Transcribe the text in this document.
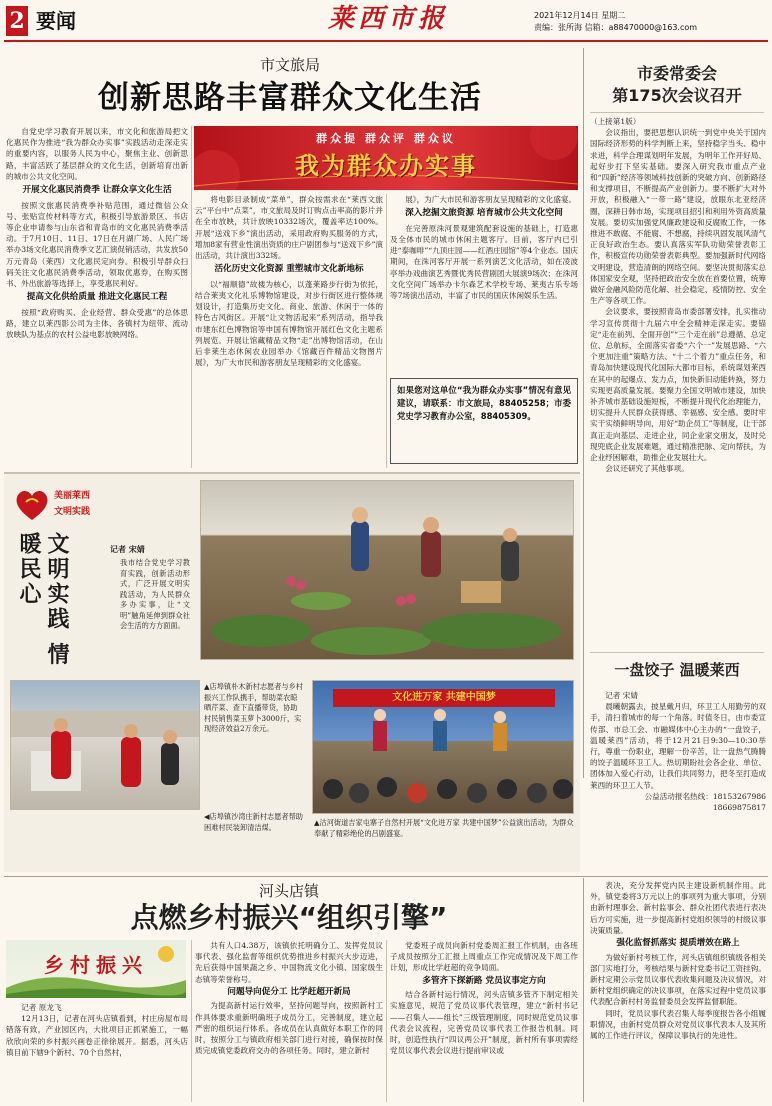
2 要闻	莱西市报	2021年12月14日 星期二
责编：张所海 信箱：a88470000@163.com
市文旅局
创新思路丰富群众文化生活
群众提 群众评 群众议
我为群众办实事

自党史学习教育开展以来，市文化和旅游局把文化惠民作为推进“我为群众办实事”实践活动走深走实的重要内容，以服务人民为中心，聚焦主业、创新思路，丰富活跃了基层群众的文化生活，创新培育出新的城市公共文化空间。

开展文化惠民消费季 让群众享文化生活

按照文旅惠民消费季补贴范围，通过微信公众号、张贴宣传材料等方式，积极引导旅游景区、书店等企业申请参与山东省和青岛市的文化惠民消费季活动。于7月10日、11日、17日在月湖广场、人民广场举办3场文化惠民消费季文艺汇演促销活动，共发放50万元青岛（莱西）文化惠民定向券。积极引导群众扫码关注文化惠民消费季活动，领取优惠券，在购买图书、外出旅游等选择上，享受惠民利好。

提高文化供给质量 推进文化惠民工程

按照“政府购买、企业经营、群众受惠”的总体思路，建立以莱西影公司为主体、各镇村为纽带、流动放映队为基点的农村公益电影放映网络。

将电影目录制成“菜单”，群众按需求在“莱西文旅云”平台中“点菜”，市文旅局及时订购点击率高的影片并在全市放映，共计放映10332场次，覆盖率达100%。开展“送戏下乡”演出活动，采用政府购买服务的方式，增加8家有营业性演出资质的庄户剧团参与“送戏下乡”演出活动，共计演出332场。

活化历史文化资源 重塑城市文化新地标

以“福顺德”故楼为核心，以蓬莱路步行街为依托，结合莱夷文化礼乐博物馆建设，对步行街区进行整体规划设计，打造集历史文化、商业、旅游、休闲于一体的特色古风街区。开展“让文物活起来”系列活动，指导我市建东红色博物馆等申国有博物馆开展红色文化主题系列展览。开展让馆藏精品文物“走”出博物馆活动，在山后非莱生态休闲农业园举办《馆藏百件精品文物图片展》，为广大市民和游客朋友呈现精彩的文化盛宴。

展》，为广大市民和游客朋友呈现精彩的文化盛宴。

深入挖掘文旅资源 培育城市公共文化空间

在完善原洙河景观建筑配套设施的基础上，打造惠及全体市民的城市休闲主题客厅。目前，客厅内已引进“泰咖啡”“九顶庄园——红酒庄园馆”等4个业态。国庆期间，在洙河客厅开展一系列演艺文化活动，如在凌波亭举办戏曲演艺秀暨优秀民营剧团大展演9场次；在洙河文化空间广场举办卡尔森艺术学校专场、莱夷古乐专场等7场演出活动，丰富了市民的国庆休闲娱乐生活。

如果您对这单位“我为群众办实事”情况有意见建议，请联系：市文旅局，88405258；市委党史学习教育办公室，88405309。
市委常委会
第175次会议召开
（上接第1版）

会议指出，要把思想认识统一到党中央关于国内国际经济形势的科学判断上来，坚持稳字当头、稳中求进，科学合理谋划明年发展，为明年工作开好局、起好步打下坚实基础。要深入研究我市重点产业和“四新”经济等领域科技创新的突破方向、创新路径和支撑项目，不断提高产业创新力。要不断扩大对外开放，积极融入“一带一路”建设，放眼东北亚经济圈，深耕日韩市场，实现项目招引和利用外资高质量发展。要切实加强党风廉政建设和反腐败工作，一体推进不敢腐、不能腐、不想腐，持续巩固发展风清气正良好政治生态。要认真落实军队功勋荣誉表彰工作，积极宣传功勋荣誉表彰典型。要加强新时代网络文明建设，营造清朗的网络空间。要坚决贯彻落实总体国家安全观，坚持把政治安全放在首要位置，统筹做好金融风险防范化解、社会稳定、疫情防控、安全生产等各项工作。

会议要求，要按照青岛市委部署安排，扎实推动学习宣传贯彻十九届六中全会精神走深走实。要锚定“走在前列、全面开创”“三个走在前”总遵循、总定位、总航标，全面落实省委“六个一”发展思路、“六个更加注重”策略方法、“十二个着力”重点任务，和青岛加快建设现代化国际大都市目标，系统谋划莱西在其中的起爆点、发力点，加快新旧动能转换，努力实现更高质量发展。要聚力全国文明城市建设，加快补齐城市基础设施短板，不断提升现代化治理能力，切实提升人民群众获得感、幸福感、安全感。要时牢实干实绩鲜明导向，用好“助企员工”等制度，让干部真正走向基层、走进企业，同企业家交朋友，及时兑现兜底企业发展难题，通过精准把脉、定向帮扶，为企业纾困解难，助推企业发展壮大。

会议还研究了其他事项。

一盘饺子 温暖莱西
记者 宋婧

晨曦朝露去，披星戴月归，环卫工人用勤劳的双手，清扫着城市的每一个角落。时值冬日，由市委宣传部、市总工会、市融媒体中心主办的“一盘饺子，温暖莱西”活动，将于12月21日9:30—10:30举行，尊重一份职业，理解一份辛苦，让一盘热气腾腾的饺子温暖环卫工人。热切期盼社会各企业、单位、团体加入爱心行动，让我们共同努力，把冬至打造成莱西的环卫工人节。

公益活动报名热线：18153267986
18669875817
美丽莱西
文明实践
文明实践 情暖民心	记者 宋婧
我市结合党史学习教育实践，创新活动形式，广泛开展文明实践活动，为人民群众多办实事，让“文明”触角延伸到群众社会生活的方方面面。
▲店埠镇朴木新村志愿者与乡村振兴工作队携手，帮助菜农晾晒芹菜、查下直播带货，协助村民销售菜玉萝卜3000斤，实现经济效益2万余元。
文化进万家 共建中国梦
◀店埠镇沙湾庄新村志愿者帮助困难村民装卸清洁煤。	▲沽河街道吉家屯寨子自然村开展“文化进万家 共建中国梦”公益演出活动，为群众奉献了精彩绝伦的吕剧盛宴。
河头店镇
点燃乡村振兴“组织引擎”
乡村振兴
记者 原龙飞

12月13日，记者在河头店镇看到，村庄房屋布局错落有致，产业园区内，大批项目正抓紧施工，一幅欣欣向荣的乡村振兴画卷正徐徐展开。据悉，河头店镇目前下辖9个新村、70个自然村，

共有人口4.38万，该镇依托明确分工、发挥党员议事代表、强化监督等组织优势推进乡村振兴大步迈进，先后获得中国果蔬之乡、中国物流文化小镇、国家级生态镇等荣誉称号。

问题导向促分工 比学赶超开新局

为提高新村运行效率，坚持问题导向，按照新村工作具体要求重新明确班子成员分工，完善制度，建立起严密的组织运行体系。各成员在认真做好本职工作的同时，按照分工与镇政府相关部门进行对接，确保按时保质完成镇党委政府交办的各项任务。同时，建立新村

党委班子成员向新村党委周汇报工作机制，由各班子成员按照分工汇报上周重点工作完成情况及下周工作计划，形成比学赶超的竞争局面。

多管齐下探新路 党员议事定方向

结合各新村运行情况，河头店镇多管齐下制定相关实施意见，规范了党员议事代表管理，建立“新村书记——召集人——组长”三级管理制度，同时规范党员议事代表会议流程，完善党员议事代表工作报告机制。同时，创造性执行“四议两公开”制度，新村所有事项需经党员议事代表会议进行提前审议或

表决，充分发挥党内民主建设新机制作用。此外，镇党委将3万元以上的事项列为重大事项，分别由新村理事会、新村监事会、群众社团代表进行表决后方可实施，进一步提高新村党组织领导的村级议事决策质量。

强化监督抓落实 提质增效在路上

为做好新村考核工作，河头店镇组织镇级各相关部门实地打分，考核结果与新村党委书记工资挂钩。新村定期公示党员议事代表收集问题及决议情况，对新村党组织确定的决议事项，在落实过程中党员议事代表配合新村村务监督委员会发挥监督职能。

同时，党员议事代表召集人每季度报告各小组履职情况，由新村党员群众对党员议事代表本人及其所属的工作进行评议，保障议事执行的先进性。
